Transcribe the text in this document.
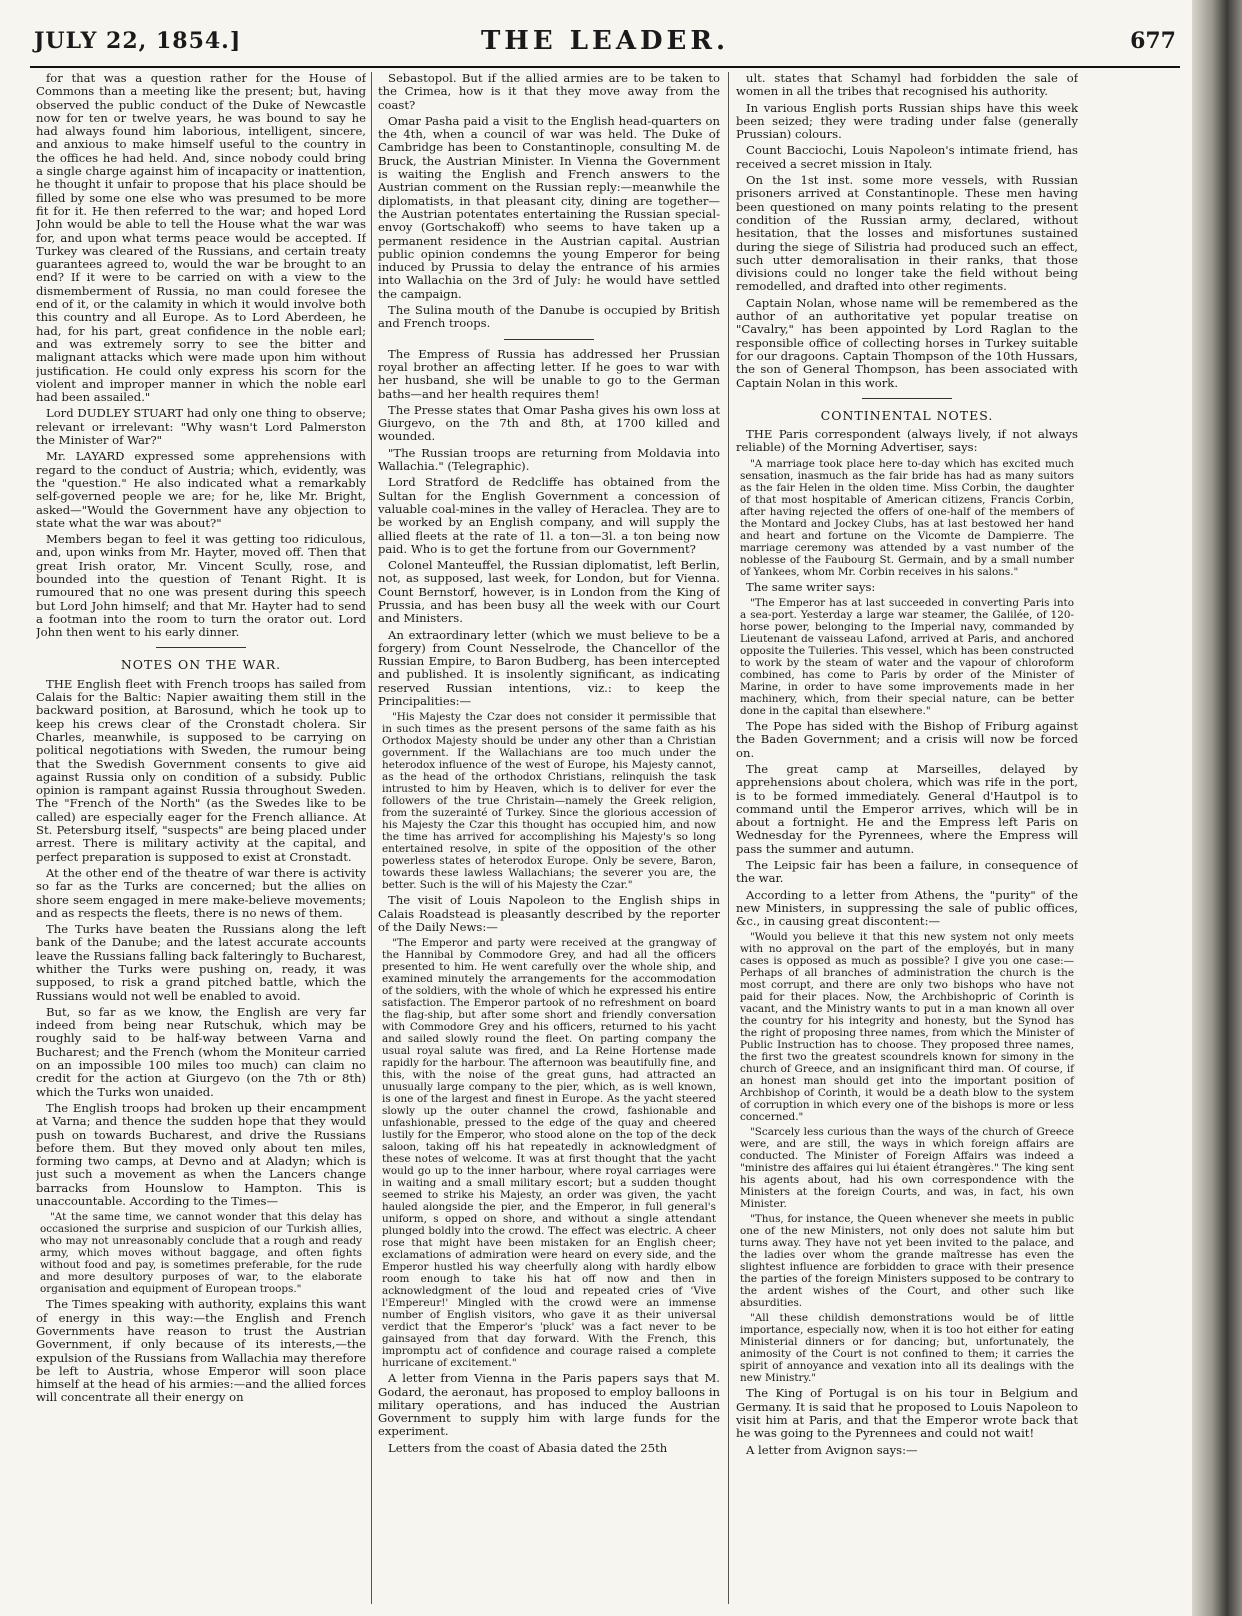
JULY 22, 1854.]	THE LEADER.	677

for that was a question rather for the House of Commons than a meeting like the present; but, having observed the public conduct of the Duke of Newcastle now for ten or twelve years, he was bound to say he had always found him laborious, intelligent, sincere, and anxious to make himself useful to the country in the offices he had held. And, since nobody could bring a single charge against him of incapacity or inattention, he thought it unfair to propose that his place should be filled by some one else who was presumed to be more fit for it. He then referred to the war; and hoped Lord John would be able to tell the House what the war was for, and upon what terms peace would be accepted. If Turkey was cleared of the Russians, and certain treaty guarantees agreed to, would the war be brought to an end? If it were to be carried on with a view to the dismemberment of Russia, no man could foresee the end of it, or the calamity in which it would involve both this country and all Europe. As to Lord Aberdeen, he had, for his part, great confidence in the noble earl; and was extremely sorry to see the bitter and malignant attacks which were made upon him without justification. He could only express his scorn for the violent and improper manner in which the noble earl had been assailed."

Lord DUDLEY STUART had only one thing to observe; relevant or irrelevant: "Why wasn't Lord Palmerston the Minister of War?"

Mr. LAYARD expressed some apprehensions with regard to the conduct of Austria; which, evidently, was the "question." He also indicated what a remarkably self-governed people we are; for he, like Mr. Bright, asked—"Would the Government have any objection to state what the war was about?"

Members began to feel it was getting too ridiculous, and, upon winks from Mr. Hayter, moved off. Then that great Irish orator, Mr. Vincent Scully, rose, and bounded into the question of Tenant Right. It is rumoured that no one was present during this speech but Lord John himself; and that Mr. Hayter had to send a footman into the room to turn the orator out. Lord John then went to his early dinner.

NOTES ON THE WAR.

THE English fleet with French troops has sailed from Calais for the Baltic: Napier awaiting them still in the backward position, at Barosund, which he took up to keep his crews clear of the Cronstadt cholera. Sir Charles, meanwhile, is supposed to be carrying on political negotiations with Sweden, the rumour being that the Swedish Government consents to give aid against Russia only on condition of a subsidy. Public opinion is rampant against Russia throughout Sweden. The "French of the North" (as the Swedes like to be called) are especially eager for the French alliance. At St. Petersburg itself, "suspects" are being placed under arrest. There is military activity at the capital, and perfect preparation is supposed to exist at Cronstadt.

At the other end of the theatre of war there is activity so far as the Turks are concerned; but the allies on shore seem engaged in mere make-believe movements; and as respects the fleets, there is no news of them.

The Turks have beaten the Russians along the left bank of the Danube; and the latest accurate accounts leave the Russians falling back falteringly to Bucharest, whither the Turks were pushing on, ready, it was supposed, to risk a grand pitched battle, which the Russians would not well be enabled to avoid.

But, so far as we know, the English are very far indeed from being near Rutschuk, which may be roughly said to be half-way between Varna and Bucharest; and the French (whom the Moniteur carried on an impossible 100 miles too much) can claim no credit for the action at Giurgevo (on the 7th or 8th) which the Turks won unaided.

The English troops had broken up their encampment at Varna; and thence the sudden hope that they would push on towards Bucharest, and drive the Russians before them. But they moved only about ten miles, forming two camps, at Devno and at Aladyn; which is just such a movement as when the Lancers change barracks from Hounslow to Hampton. This is unaccountable. According to the Times—

"At the same time, we cannot wonder that this delay has occasioned the surprise and suspicion of our Turkish allies, who may not unreasonably conclude that a rough and ready army, which moves without baggage, and often fights without food and pay, is sometimes preferable, for the rude and more desultory purposes of war, to the elaborate organisation and equipment of European troops."

The Times speaking with authority, explains this want of energy in this way:—the English and French Governments have reason to trust the Austrian Government, if only because of its interests,—the expulsion of the Russians from Wallachia may therefore be left to Austria, whose Emperor will soon place himself at the head of his armies:—and the allied forces will concentrate all their energy on

Sebastopol. But if the allied armies are to be taken to the Crimea, how is it that they move away from the coast?

Omar Pasha paid a visit to the English head-quarters on the 4th, when a council of war was held. The Duke of Cambridge has been to Constantinople, consulting M. de Bruck, the Austrian Minister. In Vienna the Government is waiting the English and French answers to the Austrian comment on the Russian reply:—meanwhile the diplomatists, in that pleasant city, dining are together—the Austrian potentates entertaining the Russian special-envoy (Gortschakoff) who seems to have taken up a permanent residence in the Austrian capital. Austrian public opinion condemns the young Emperor for being induced by Prussia to delay the entrance of his armies into Wallachia on the 3rd of July: he would have settled the campaign.

The Sulina mouth of the Danube is occupied by British and French troops.

The Empress of Russia has addressed her Prussian royal brother an affecting letter. If he goes to war with her husband, she will be unable to go to the German baths—and her health requires them!

The Presse states that Omar Pasha gives his own loss at Giurgevo, on the 7th and 8th, at 1700 killed and wounded.

"The Russian troops are returning from Moldavia into Wallachia." (Telegraphic).

Lord Stratford de Redcliffe has obtained from the Sultan for the English Government a concession of valuable coal-mines in the valley of Heraclea. They are to be worked by an English company, and will supply the allied fleets at the rate of 1l. a ton—3l. a ton being now paid. Who is to get the fortune from our Government?

Colonel Manteuffel, the Russian diplomatist, left Berlin, not, as supposed, last week, for London, but for Vienna. Count Bernstorf, however, is in London from the King of Prussia, and has been busy all the week with our Court and Ministers.

An extraordinary letter (which we must believe to be a forgery) from Count Nesselrode, the Chancellor of the Russian Empire, to Baron Budberg, has been intercepted and published. It is insolently significant, as indicating reserved Russian intentions, viz.: to keep the Principalities:—

"His Majesty the Czar does not consider it permissible that in such times as the present persons of the same faith as his Orthodox Majesty should be under any other than a Christian government. If the Wallachians are too much under the heterodox influence of the west of Europe, his Majesty cannot, as the head of the orthodox Christians, relinquish the task intrusted to him by Heaven, which is to deliver for ever the followers of the true Christain—namely the Greek religion, from the suzerainté of Turkey. Since the glorious accession of his Majesty the Czar this thought has occupied him, and now the time has arrived for accomplishing his Majesty's so long entertained resolve, in spite of the opposition of the other powerless states of heterodox Europe. Only be severe, Baron, towards these lawless Wallachians; the severer you are, the better. Such is the will of his Majesty the Czar."

The visit of Louis Napoleon to the English ships in Calais Roadstead is pleasantly described by the reporter of the Daily News:—

"The Emperor and party were received at the grangway of the Hannibal by Commodore Grey, and had all the officers presented to him. He went carefully over the whole ship, and examined minutely the arrangements for the accommodation of the soldiers, with the whole of which he expressed his entire satisfaction. The Emperor partook of no refreshment on board the flag-ship, but after some short and friendly conversation with Commodore Grey and his officers, returned to his yacht and sailed slowly round the fleet. On parting company the usual royal salute was fired, and La Reine Hortense made rapidly for the harbour. The afternoon was beautifully fine, and this, with the noise of the great guns, had attracted an unusually large company to the pier, which, as is well known, is one of the largest and finest in Europe. As the yacht steered slowly up the outer channel the crowd, fashionable and unfashionable, pressed to the edge of the quay and cheered lustily for the Emperor, who stood alone on the top of the deck saloon, taking off his hat repeatedly in acknowledgment of these notes of welcome. It was at first thought that the yacht would go up to the inner harbour, where royal carriages were in waiting and a small military escort; but a sudden thought seemed to strike his Majesty, an order was given, the yacht hauled alongside the pier, and the Emperor, in full general's uniform, s opped on shore, and without a single attendant plunged boldly into the crowd. The effect was electric. A cheer rose that might have been mistaken for an English cheer; exclamations of admiration were heard on every side, and the Emperor hustled his way cheerfully along with hardly elbow room enough to take his hat off now and then in acknowledgment of the loud and repeated cries of 'Vive l'Empereur!' Mingled with the crowd were an immense number of English visitors, who gave it as their universal verdict that the Emperor's 'pluck' was a fact never to be gainsayed from that day forward. With the French, this impromptu act of confidence and courage raised a complete hurricane of excitement."

A letter from Vienna in the Paris papers says that M. Godard, the aeronaut, has proposed to employ balloons in military operations, and has induced the Austrian Government to supply him with large funds for the experiment.

Letters from the coast of Abasia dated the 25th

ult. states that Schamyl had forbidden the sale of women in all the tribes that recognised his authority.

In various English ports Russian ships have this week been seized; they were trading under false (generally Prussian) colours.

Count Bacciochi, Louis Napoleon's intimate friend, has received a secret mission in Italy.

On the 1st inst. some more vessels, with Russian prisoners arrived at Constantinople. These men having been questioned on many points relating to the present condition of the Russian army, declared, without hesitation, that the losses and misfortunes sustained during the siege of Silistria had produced such an effect, such utter demoralisation in their ranks, that those divisions could no longer take the field without being remodelled, and drafted into other regiments.

Captain Nolan, whose name will be remembered as the author of an authoritative yet popular treatise on "Cavalry," has been appointed by Lord Raglan to the responsible office of collecting horses in Turkey suitable for our dragoons. Captain Thompson of the 10th Hussars, the son of General Thompson, has been associated with Captain Nolan in this work.

CONTINENTAL NOTES.

THE Paris correspondent (always lively, if not always reliable) of the Morning Advertiser, says:

"A marriage took place here to-day which has excited much sensation, inasmuch as the fair bride has had as many suitors as the fair Helen in the olden time. Miss Corbin, the daughter of that most hospitable of American citizens, Francis Corbin, after having rejected the offers of one-half of the members of the Montard and Jockey Clubs, has at last bestowed her hand and heart and fortune on the Vicomte de Dampierre. The marriage ceremony was attended by a vast number of the noblesse of the Faubourg St. Germain, and by a small number of Yankees, whom Mr. Corbin receives in his salons."

The same writer says:

"The Emperor has at last succeeded in converting Paris into a sea-port. Yesterday a large war steamer, the Galilée, of 120-horse power, belonging to the Imperial navy, commanded by Lieutenant de vaisseau Lafond, arrived at Paris, and anchored opposite the Tuileries. This vessel, which has been constructed to work by the steam of water and the vapour of chloroform combined, has come to Paris by order of the Minister of Marine, in order to have some improvements made in her machinery, which, from their special nature, can be better done in the capital than elsewhere."

The Pope has sided with the Bishop of Friburg against the Baden Government; and a crisis will now be forced on.

The great camp at Marseilles, delayed by apprehensions about cholera, which was rife in the port, is to be formed immediately. General d'Hautpol is to command until the Emperor arrives, which will be in about a fortnight. He and the Empress left Paris on Wednesday for the Pyrennees, where the Empress will pass the summer and autumn.

The Leipsic fair has been a failure, in consequence of the war.

According to a letter from Athens, the "purity" of the new Ministers, in suppressing the sale of public offices, &c., in causing great discontent:—

"Would you believe it that this new system not only meets with no approval on the part of the employés, but in many cases is opposed as much as possible? I give you one case:—Perhaps of all branches of administration the church is the most corrupt, and there are only two bishops who have not paid for their places. Now, the Archbishopric of Corinth is vacant, and the Ministry wants to put in a man known all over the country for his integrity and honesty, but the Synod has the right of proposing three names, from which the Minister of Public Instruction has to choose. They proposed three names, the first two the greatest scoundrels known for simony in the church of Greece, and an insignificant third man. Of course, if an honest man should get into the important position of Archbishop of Corinth, it would be a death blow to the system of corruption in which every one of the bishops is more or less concerned."

"Scarcely less curious than the ways of the church of Greece were, and are still, the ways in which foreign affairs are conducted. The Minister of Foreign Affairs was indeed a "ministre des affaires qui lui étaient étrangères." The king sent his agents about, had his own correspondence with the Ministers at the foreign Courts, and was, in fact, his own Minister.

"Thus, for instance, the Queen whenever she meets in public one of the new Ministers, not only does not salute him but turns away. They have not yet been invited to the palace, and the ladies over whom the grande maîtresse has even the slightest influence are forbidden to grace with their presence the parties of the foreign Ministers supposed to be contrary to the ardent wishes of the Court, and other such like absurdities.

"All these childish demonstrations would be of little importance, especially now, when it is too hot either for eating Ministerial dinners or for dancing; but, unfortunately, the animosity of the Court is not confined to them; it carries the spirit of annoyance and vexation into all its dealings with the new Ministry."

The King of Portugal is on his tour in Belgium and Germany. It is said that he proposed to Louis Napoleon to visit him at Paris, and that the Emperor wrote back that he was going to the Pyrennees and could not wait!

A letter from Avignon says:—
